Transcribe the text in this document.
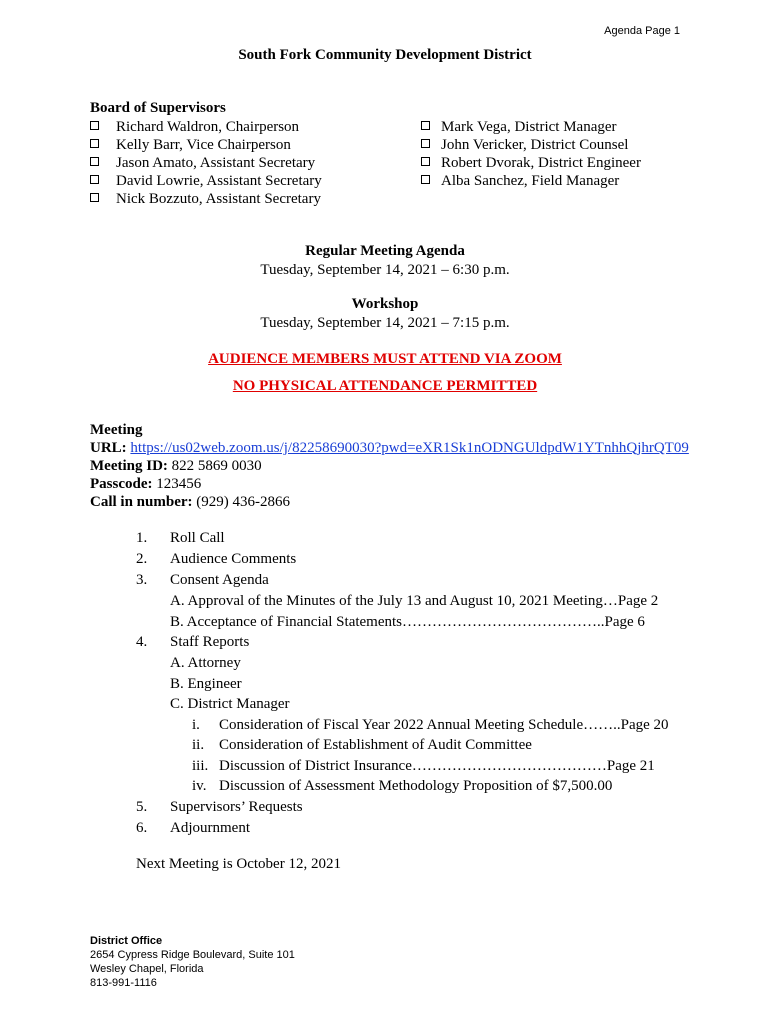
Agenda Page 1
South Fork Community Development District
Board of Supervisors
Richard Waldron, Chairperson
Kelly Barr, Vice Chairperson
Jason Amato, Assistant Secretary
David Lowrie, Assistant Secretary
Nick Bozzuto, Assistant Secretary
Mark Vega, District Manager
John Vericker, District Counsel
Robert Dvorak, District Engineer
Alba Sanchez, Field Manager
Regular Meeting Agenda
Tuesday, September 14, 2021 – 6:30 p.m.
Workshop
Tuesday, September 14, 2021 – 7:15 p.m.
AUDIENCE MEMBERS MUST ATTEND VIA ZOOM
NO PHYSICAL ATTENDANCE PERMITTED
Meeting
URL: https://us02web.zoom.us/j/82258690030?pwd=eXR1Sk1nODNGUldpdW1YTnhhQjhrQT09
Meeting ID: 822 5869 0030
Passcode: 123456
Call in number: (929) 436-2866
1. Roll Call
2. Audience Comments
3. Consent Agenda
A. Approval of the Minutes of the July 13 and August 10, 2021 Meeting…Page 2
B. Acceptance of Financial Statements…………………………………..Page 6
4. Staff Reports
A. Attorney
B. Engineer
C. District Manager
i. Consideration of Fiscal Year 2022 Annual Meeting Schedule……..Page 20
ii. Consideration of Establishment of Audit Committee
iii. Discussion of District Insurance…………………………………Page 21
iv. Discussion of Assessment Methodology Proposition of $7,500.00
5. Supervisors’ Requests
6. Adjournment
Next Meeting is October 12, 2021
District Office
2654 Cypress Ridge Boulevard, Suite 101
Wesley Chapel, Florida
813-991-1116
